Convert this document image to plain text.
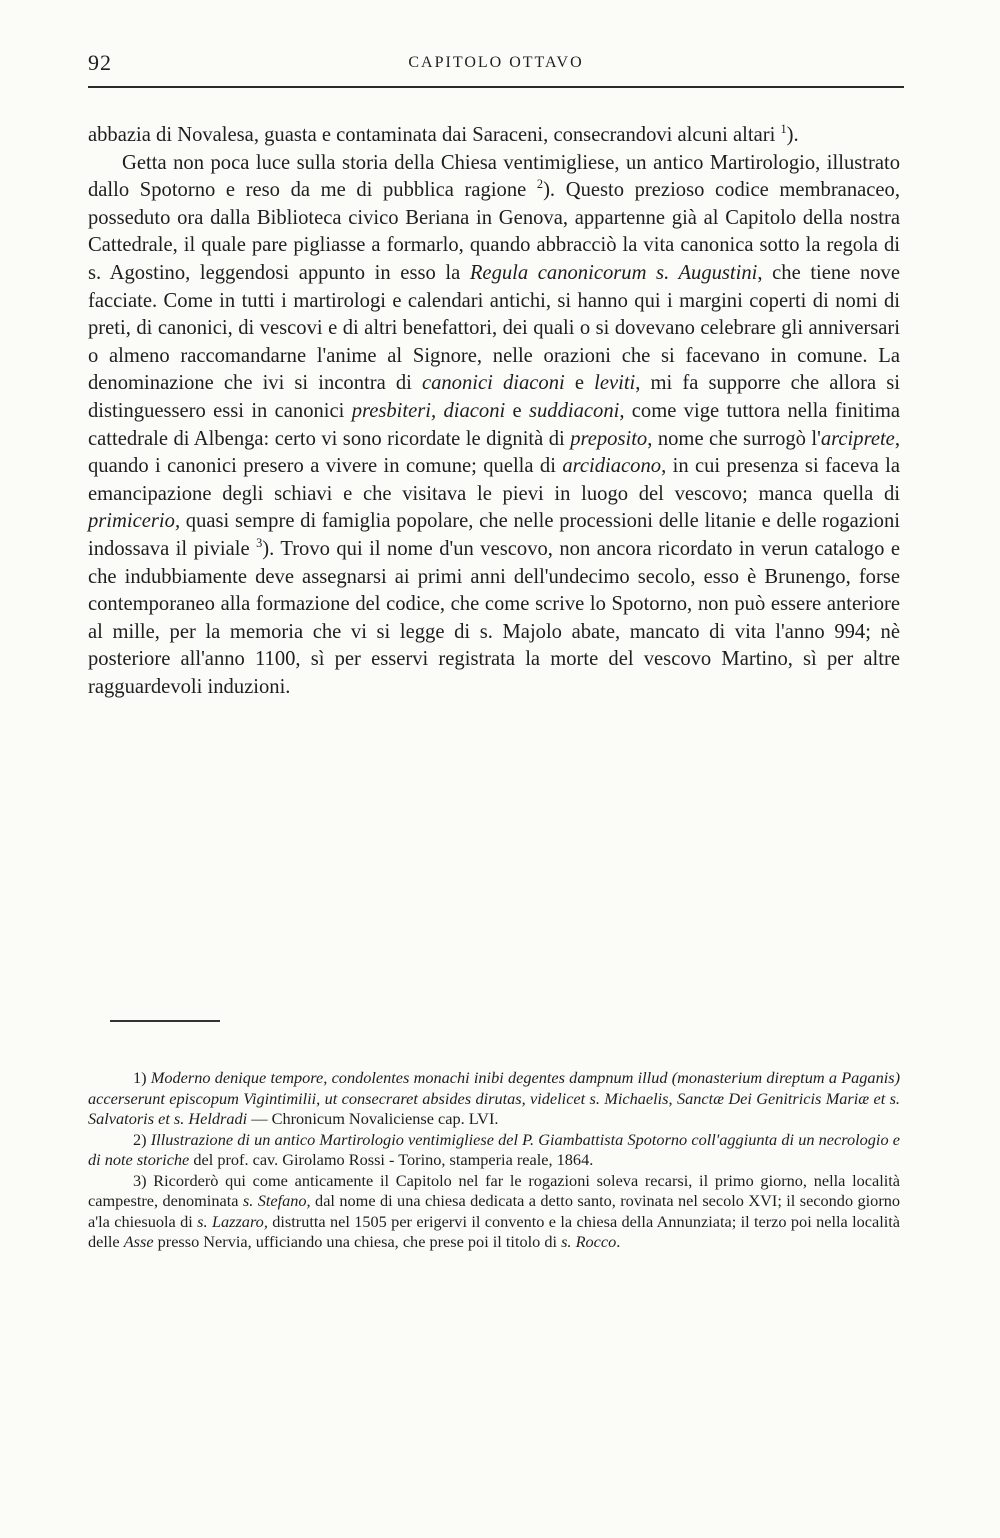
92	CAPITOLO OTTAVO

abbazia di Novalesa, guasta e contaminata dai Saraceni, consecrandovi alcuni altari $^1$).

Getta non poca luce sulla storia della Chiesa ventimigliese, un antico Martirologio, illustrato dallo Spotorno e reso da me di pubblica ragione $^2$). Questo prezioso codice membranaceo, posseduto ora dalla Biblioteca civico Beriana in Genova, appartenne già al Capitolo della nostra Cattedrale, il quale pare pigliasse a formarlo, quando abbracciò la vita canonica sotto la regola di s. Agostino, leggendosi appunto in esso la Regula canonicorum s. Augustini, che tiene nove facciate. Come in tutti i martirologi e calendari antichi, si hanno qui i margini coperti di nomi di preti, di canonici, di vescovi e di altri benefattori, dei quali o si dovevano celebrare gli anniversari o almeno raccomandarne l'anime al Signore, nelle orazioni che si facevano in comune. La denominazione che ivi si incontra di canonici diaconi e leviti, mi fa supporre che allora si distinguessero essi in canonici presbiteri, diaconi e suddiaconi, come vige tuttora nella finitima cattedrale di Albenga: certo vi sono ricordate le dignità di preposito, nome che surrogò l'arciprete, quando i canonici presero a vivere in comune; quella di arcidiacono, in cui presenza si faceva la emancipazione degli schiavi e che visitava le pievi in luogo del vescovo; manca quella di primicerio, quasi sempre di famiglia popolare, che nelle processioni delle litanie e delle rogazioni indossava il piviale $^3$). Trovo qui il nome d'un vescovo, non ancora ricordato in verun catalogo e che indubbiamente deve assegnarsi ai primi anni dell'undecimo secolo, esso è Brunengo, forse contemporaneo alla formazione del codice, che come scrive lo Spotorno, non può essere anteriore al mille, per la memoria che vi si legge di s. Majolo abate, mancato di vita l'anno 994; nè posteriore all'anno 1100, sì per esservi registrata la morte del vescovo Martino, sì per altre ragguardevoli induzioni.

1) Moderno denique tempore, condolentes monachi inibi degentes dampnum illud (monasterium direptum a Paganis) accerserunt episcopum Vigintimilii, ut consecraret absides dirutas, videlicet s. Michaelis, Sanctæ Dei Genitricis Mariæ et s. Salvatoris et s. Heldradi — Chronicum Novaliciense cap. LVI.

2) Illustrazione di un antico Martirologio ventimigliese del P. Giambattista Spotorno coll'aggiunta di un necrologio e di note storiche del prof. cav. Girolamo Rossi - Torino, stamperia reale, 1864.

3) Ricorderò qui come anticamente il Capitolo nel far le rogazioni soleva recarsi, il primo giorno, nella località campestre, denominata s. Stefano, dal nome di una chiesa dedicata a detto santo, rovinata nel secolo XVI; il secondo giorno a'la chiesuola di s. Lazzaro, distrutta nel 1505 per erigervi il convento e la chiesa della Annunziata; il terzo poi nella località delle Asse presso Nervia, ufficiando una chiesa, che prese poi il titolo di s. Rocco.
